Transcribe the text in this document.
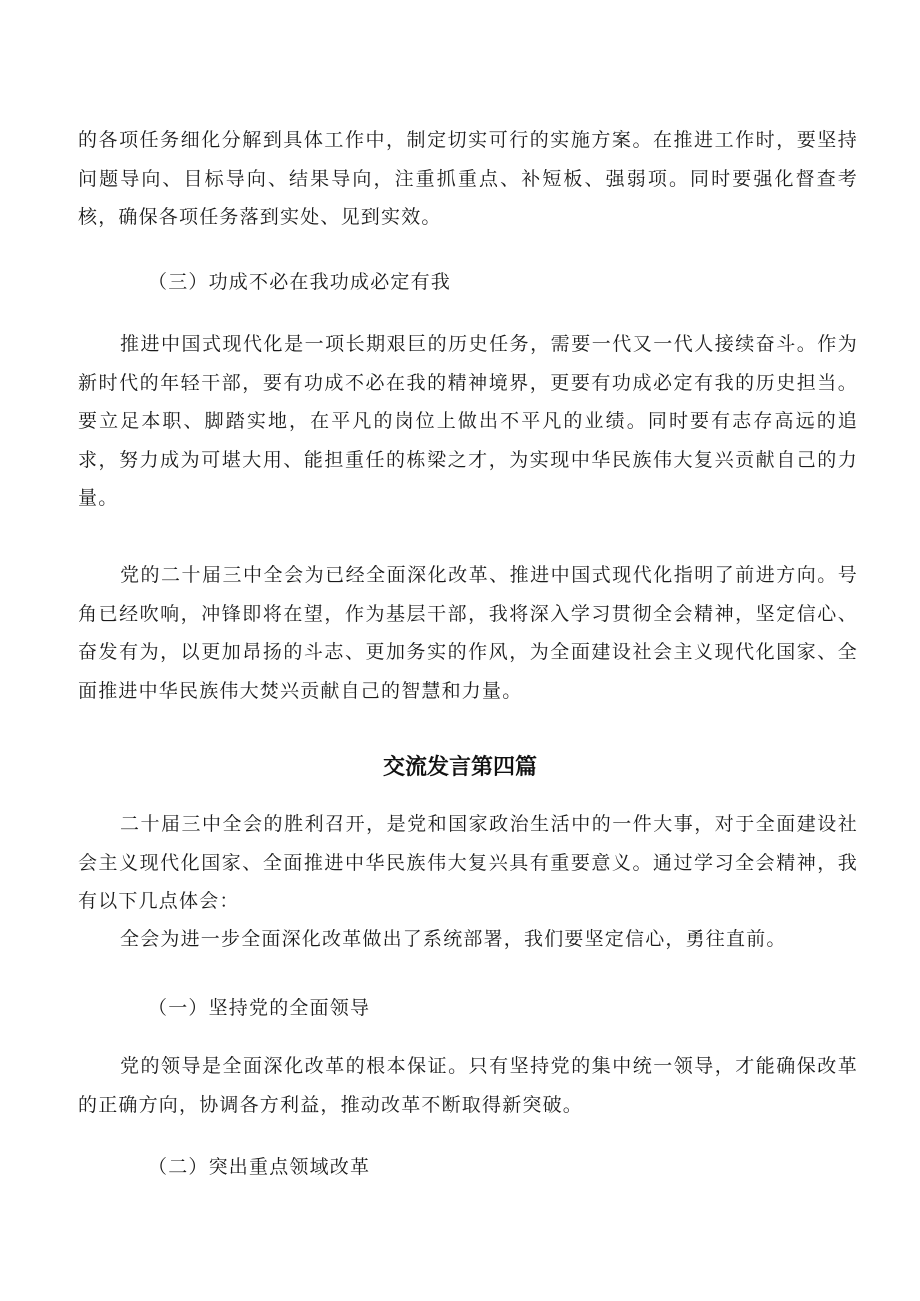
的各项任务细化分解到具体工作中，制定切实可行的实施方案。在推进工作时，要坚持问题导向、目标导向、结果导向，注重抓重点、补短板、强弱项。同时要强化督查考核，确保各项任务落到实处、见到实效。

（三）功成不必在我功成必定有我

推进中国式现代化是一项长期艰巨的历史任务，需要一代又一代人接续奋斗。作为新时代的年轻干部，要有功成不必在我的精神境界，更要有功成必定有我的历史担当。要立足本职、脚踏实地，在平凡的岗位上做出不平凡的业绩。同时要有志存高远的追求，努力成为可堪大用、能担重任的栋梁之才，为实现中华民族伟大复兴贡献自己的力量。

党的二十届三中全会为已经全面深化改革、推进中国式现代化指明了前进方向。号角已经吹响，冲锋即将在望，作为基层干部，我将深入学习贯彻全会精神，坚定信心、奋发有为，以更加昂扬的斗志、更加务实的作风，为全面建设社会主义现代化国家、全面推进中华民族伟大焚兴贡献自己的智慧和力量。

交流发言第四篇

二十届三中全会的胜利召开，是党和国家政治生活中的一件大事，对于全面建设社会主义现代化国家、全面推进中华民族伟大复兴具有重要意义。通过学习全会精神，我有以下几点体会：

全会为进一步全面深化改革做出了系统部署，我们要坚定信心，勇往直前。

（一）坚持党的全面领导

党的领导是全面深化改革的根本保证。只有坚持党的集中统一领导，才能确保改革的正确方向，协调各方利益，推动改革不断取得新突破。

（二）突出重点领域改革
